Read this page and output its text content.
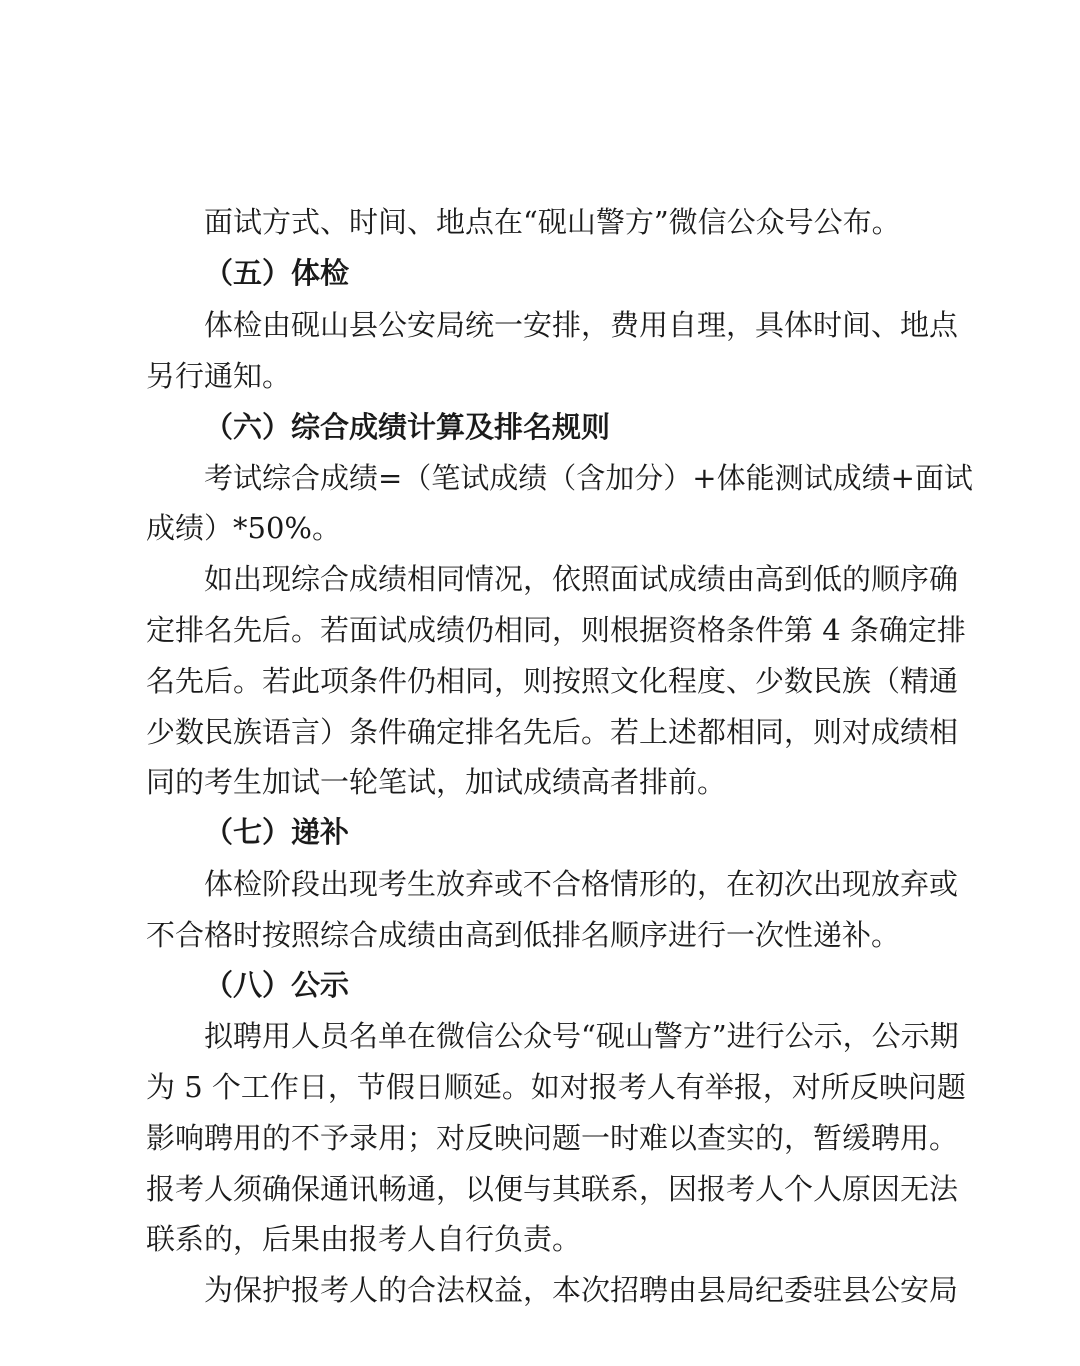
面试方式、时间、地点在“砚山警方”微信公众号公布。
（五）体检
体检由砚山县公安局统一安排，费用自理，具体时间、地点
另行通知。
（六）综合成绩计算及排名规则
考试综合成绩=（笔试成绩（含加分）+体能测试成绩+面试
成绩）*50%。
如出现综合成绩相同情况，依照面试成绩由高到低的顺序确
定排名先后。若面试成绩仍相同，则根据资格条件第 4 条确定排
名先后。若此项条件仍相同，则按照文化程度、少数民族（精通
少数民族语言）条件确定排名先后。若上述都相同，则对成绩相
同的考生加试一轮笔试，加试成绩高者排前。
（七）递补
体检阶段出现考生放弃或不合格情形的，在初次出现放弃或
不合格时按照综合成绩由高到低排名顺序进行一次性递补。
（八）公示
拟聘用人员名单在微信公众号“砚山警方”进行公示，公示期
为 5 个工作日，节假日顺延。如对报考人有举报，对所反映问题
影响聘用的不予录用；对反映问题一时难以查实的，暂缓聘用。
报考人须确保通讯畅通，以便与其联系，因报考人个人原因无法
联系的，后果由报考人自行负责。
为保护报考人的合法权益，本次招聘由县局纪委驻县公安局
